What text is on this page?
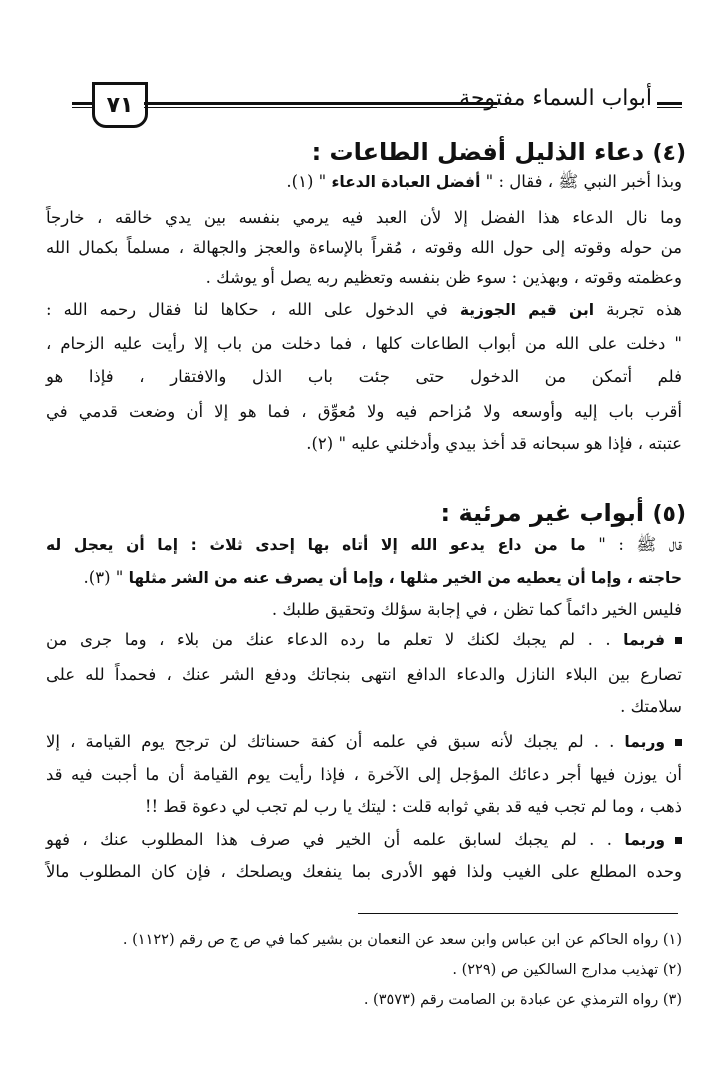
٧١	أبواب السماء مفتوحة
(٤) دعاء الذليل أفضل الطاعات :
وبذا أخبر النبي ﷺ ، فقال : " أفضل العبادة الدعاء " (١).
وما نال الدعاء هذا الفضل إلا لأن العبد فيه يرمي بنفسه بين يدي خالقه ، خارجاً
من حوله وقوته إلى حول الله وقوته ، مُقراً بالإساءة والعجز والجهالة ، مسلماً بكمال الله
وعظمته وقوته ، وبهذين : سوء ظن بنفسه وتعظيم ربه يصل أو يوشك .
هذه تجربة ابن قيم الجوزية في الدخول على الله ، حكاها لنا فقال رحمه الله :
" دخلت على الله من أبواب الطاعات كلها ، فما دخلت من باب إلا رأيت عليه الزحام ،
فلم أتمكن من الدخول حتى جئت باب الذل والافتقار ، فإذا هو
أقرب باب إليه وأوسعه ولا مُزاحم فيه ولا مُعوِّق ، فما هو إلا أن وضعت قدمي في
عتبته ، فإذا هو سبحانه قد أخذ بيدي وأدخلني عليه " (٢).
(٥) أبواب غير مرئية :
قال ﷺ : " ما من داع يدعو الله إلا أتاه بها إحدى ثلاث : إما أن يعجل له
حاجته ، وإما أن يعطيه من الخير مثلها ، وإما أن يصرف عنه من الشر مثلها " (٣).
فليس الخير دائماً كما تظن ، في إجابة سؤلك وتحقيق طلبك .
فربما . . لم يجبك لكنك لا تعلم ما رده الدعاء عنك من بلاء ، وما جرى من
تصارع بين البلاء النازل والدعاء الدافع انتهى بنجاتك ودفع الشر عنك ، فحمداً لله على
سلامتك .
وربما . . لم يجبك لأنه سبق في علمه أن كفة حسناتك لن ترجح يوم القيامة ، إلا
أن يوزن فيها أجر دعائك المؤجل إلى الآخرة ، فإذا رأيت يوم القيامة أن ما أجبت فيه قد
ذهب ، وما لم تجب فيه قد بقي ثوابه قلت : ليتك يا رب لم تجب لي دعوة قط !!
وربما . . لم يجبك لسابق علمه أن الخير في صرف هذا المطلوب عنك ، فهو
وحده المطلع على الغيب ولذا فهو الأدرى بما ينفعك ويصلحك ، فإن كان المطلوب مالاً
(١) رواه الحاكم عن ابن عباس وابن سعد عن النعمان بن بشير كما في ص ج ص رقم (١١٢٢) .
(٢) تهذيب مدارج السالكين ص (٢٢٩) .
(٣) رواه الترمذي عن عبادة بن الصامت رقم (٣٥٧٣) .
